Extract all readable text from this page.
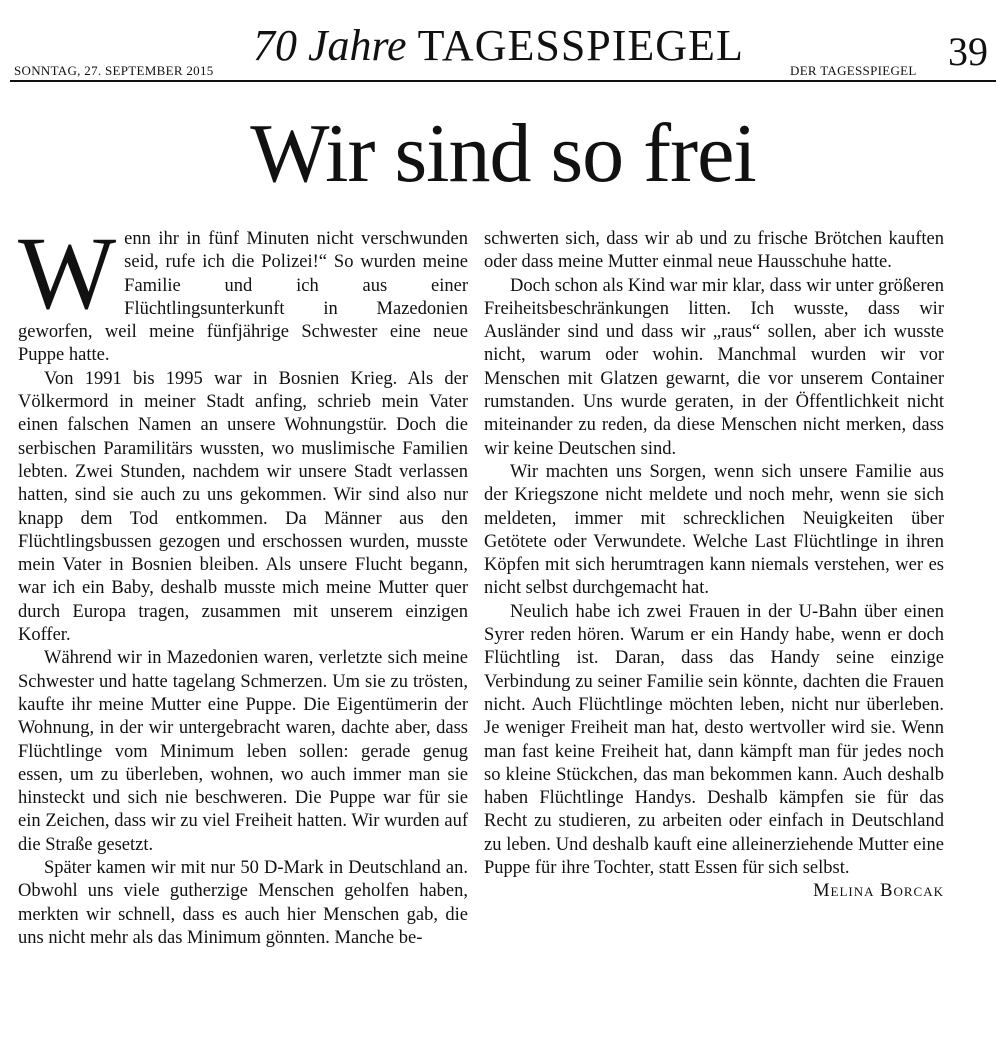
SONNTAG, 27. SEPTEMBER 2015
70 Jahre TAGESSPIEGEL
DER TAGESSPIEGEL 39
Wir sind so frei

Wenn ihr in fünf Minuten nicht verschwunden seid, rufe ich die Polizei!“ So wurden meine Familie und ich aus einer Flüchtlingsunterkunft in Mazedonien geworfen, weil meine fünfjährige Schwester eine neue Puppe hatte.

Von 1991 bis 1995 war in Bosnien Krieg. Als der Völkermord in meiner Stadt anfing, schrieb mein Vater einen falschen Namen an unsere Wohnungstür. Doch die serbischen Paramilitärs wussten, wo muslimische Familien lebten. Zwei Stunden, nachdem wir unsere Stadt verlassen hatten, sind sie auch zu uns gekommen. Wir sind also nur knapp dem Tod entkommen. Da Männer aus den Flüchtlingsbussen gezogen und erschossen wurden, musste mein Vater in Bosnien bleiben. Als unsere Flucht begann, war ich ein Baby, deshalb musste mich meine Mutter quer durch Europa tragen, zusammen mit unserem einzigen Koffer.

Während wir in Mazedonien waren, verletzte sich meine Schwester und hatte tagelang Schmerzen. Um sie zu trösten, kaufte ihr meine Mutter eine Puppe. Die Eigentümerin der Wohnung, in der wir untergebracht waren, dachte aber, dass Flüchtlinge vom Minimum leben sollen: gerade genug essen, um zu überleben, wohnen, wo auch immer man sie hinsteckt und sich nie beschweren. Die Puppe war für sie ein Zeichen, dass wir zu viel Freiheit hatten. Wir wurden auf die Straße gesetzt.

Später kamen wir mit nur 50 D-Mark in Deutschland an. Obwohl uns viele gutherzige Menschen geholfen haben, merkten wir schnell, dass es auch hier Menschen gab, die uns nicht mehr als das Minimum gönnten. Manche be-

schwerten sich, dass wir ab und zu frische Brötchen kauften oder dass meine Mutter einmal neue Hausschuhe hatte.

Doch schon als Kind war mir klar, dass wir unter größeren Freiheitsbeschränkungen litten. Ich wusste, dass wir Ausländer sind und dass wir „raus“ sollen, aber ich wusste nicht, warum oder wohin. Manchmal wurden wir vor Menschen mit Glatzen gewarnt, die vor unserem Container rumstanden. Uns wurde geraten, in der Öffentlichkeit nicht miteinander zu reden, da diese Menschen nicht merken, dass wir keine Deutschen sind.

Wir machten uns Sorgen, wenn sich unsere Familie aus der Kriegszone nicht meldete und noch mehr, wenn sie sich meldeten, immer mit schrecklichen Neuigkeiten über Getötete oder Verwundete. Welche Last Flüchtlinge in ihren Köpfen mit sich herumtragen kann niemals verstehen, wer es nicht selbst durchgemacht hat.

Neulich habe ich zwei Frauen in der U-Bahn über einen Syrer reden hören. Warum er ein Handy habe, wenn er doch Flüchtling ist. Daran, dass das Handy seine einzige Verbindung zu seiner Familie sein könnte, dachten die Frauen nicht. Auch Flüchtlinge möchten leben, nicht nur überleben. Je weniger Freiheit man hat, desto wertvoller wird sie. Wenn man fast keine Freiheit hat, dann kämpft man für jedes noch so kleine Stückchen, das man bekommen kann. Auch deshalb haben Flüchtlinge Handys. Deshalb kämpfen sie für das Recht zu studieren, zu arbeiten oder einfach in Deutschland zu leben. Und deshalb kauft eine alleinerziehende Mutter eine Puppe für ihre Tochter, statt Essen für sich selbst.
Melina Borcak
